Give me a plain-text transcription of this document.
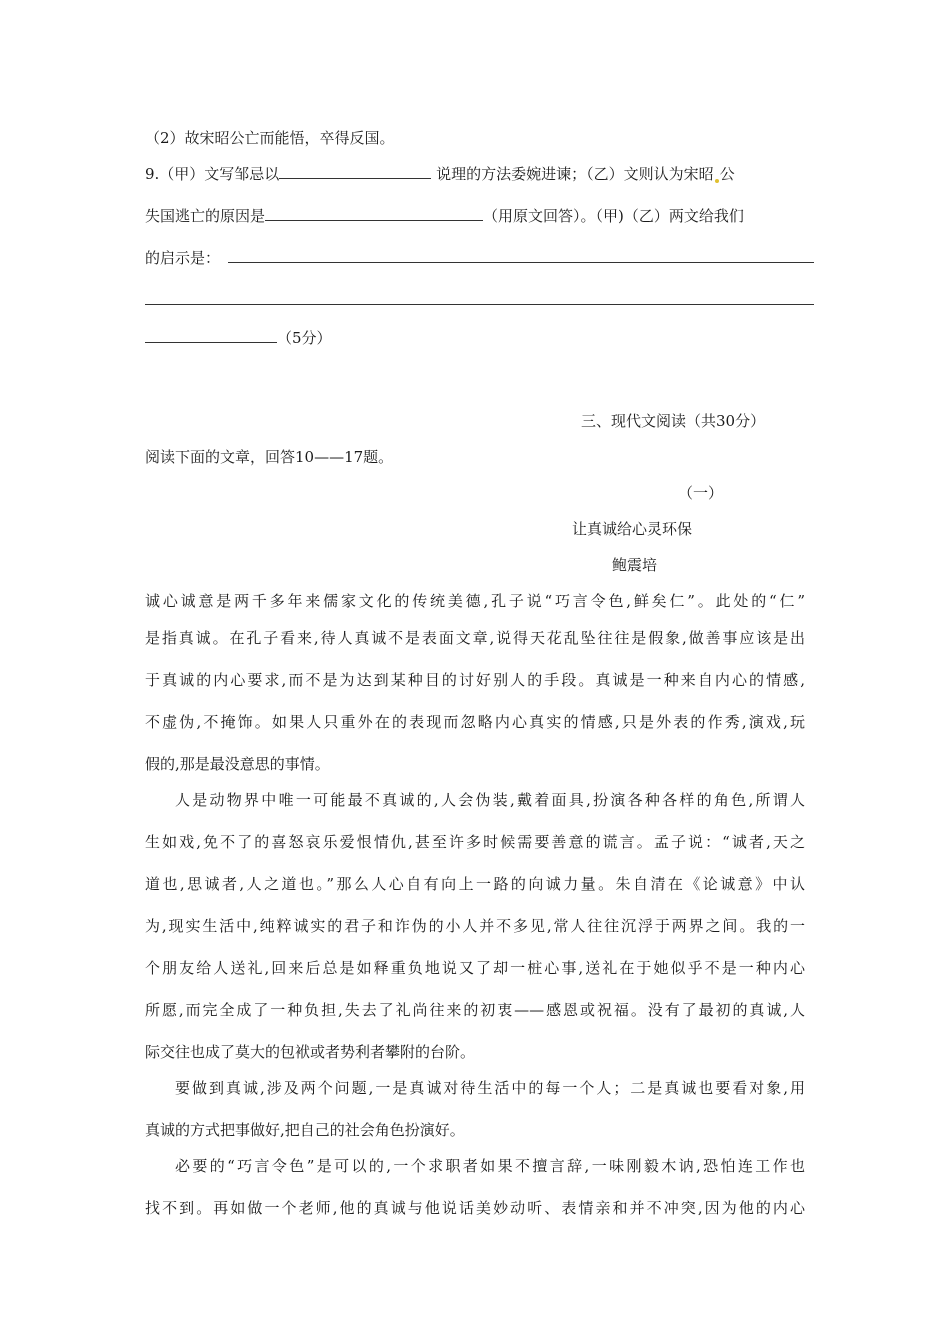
（2）故宋昭公亡而能悟，卒得反国。
9.（甲）文写邹忌以	说理的方法委婉进谏；（乙）文则认为宋昭 公
失国逃亡的原因是	（用原文回答）。（甲)（乙）两文给我们
的启示是：
（5分）
三、现代文阅读（共30分）
阅读下面的文章，回答10——17题。
（一）
让真诚给心灵环保
鲍震培
诚心诚意是两千多年来儒家文化的传统美德,孔子说“巧言令色,鲜矣仁”。此处的“仁”
是指真诚。在孔子看来,待人真诚不是表面文章,说得天花乱坠往往是假象,做善事应该是出
于真诚的内心要求,而不是为达到某种目的讨好别人的手段。真诚是一种来自内心的情感,
不虚伪,不掩饰。如果人只重外在的表现而忽略内心真实的情感,只是外表的作秀,演戏,玩
假的,那是最没意思的事情。
人是动物界中唯一可能最不真诚的,人会伪装,戴着面具,扮演各种各样的角色,所谓人
生如戏,免不了的喜怒哀乐爱恨情仇,甚至许多时候需要善意的谎言。孟子说：“诚者,天之
道也,思诚者,人之道也。”那么人心自有向上一路的向诚力量。朱自清在《论诚意》中认
为,现实生活中,纯粹诚实的君子和诈伪的小人并不多见,常人往往沉浮于两界之间。我的一
个朋友给人送礼,回来后总是如释重负地说又了却一桩心事,送礼在于她似乎不是一种内心
所愿,而完全成了一种负担,失去了礼尚往来的初衷——感恩或祝福。没有了最初的真诚,人
际交往也成了莫大的包袱或者势利者攀附的台阶。
要做到真诚,涉及两个问题,一是真诚对待生活中的每一个人；二是真诚也要看对象,用
真诚的方式把事做好,把自己的社会角色扮演好。
必要的“巧言令色”是可以的,一个求职者如果不擅言辞,一味刚毅木讷,恐怕连工作也
找不到。再如做一个老师,他的真诚与他说话美妙动听、表情亲和并不冲突,因为他的内心
